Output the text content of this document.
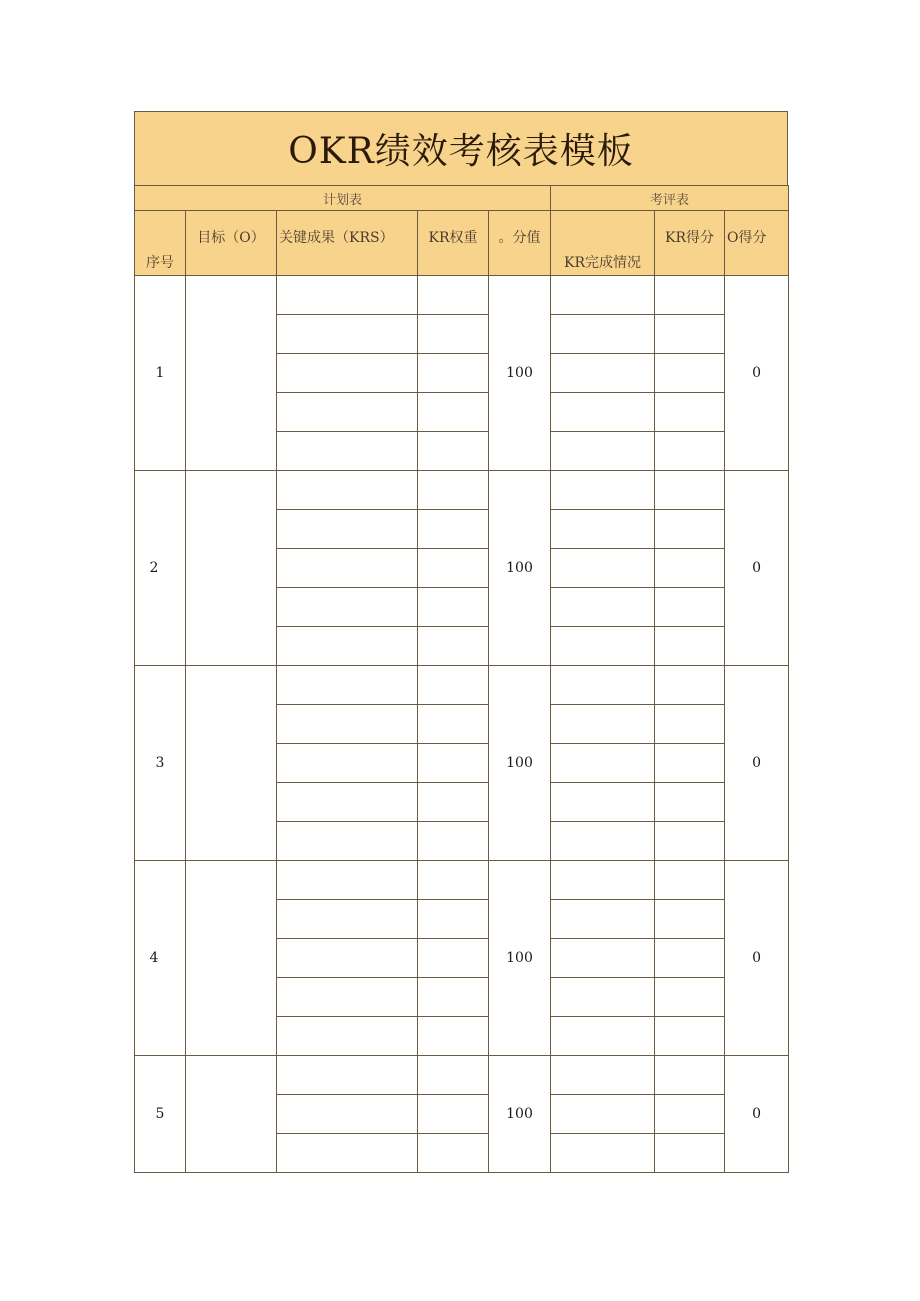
OKR绩效考核表模板
计划表					考评表		
序号	目标（O）	关键成果（KRS）	KR权重	。分值	KR完成情况	KR得分	O得分
1				100			0

2				100			0

3				100			0

4				100			0

5				100			0
